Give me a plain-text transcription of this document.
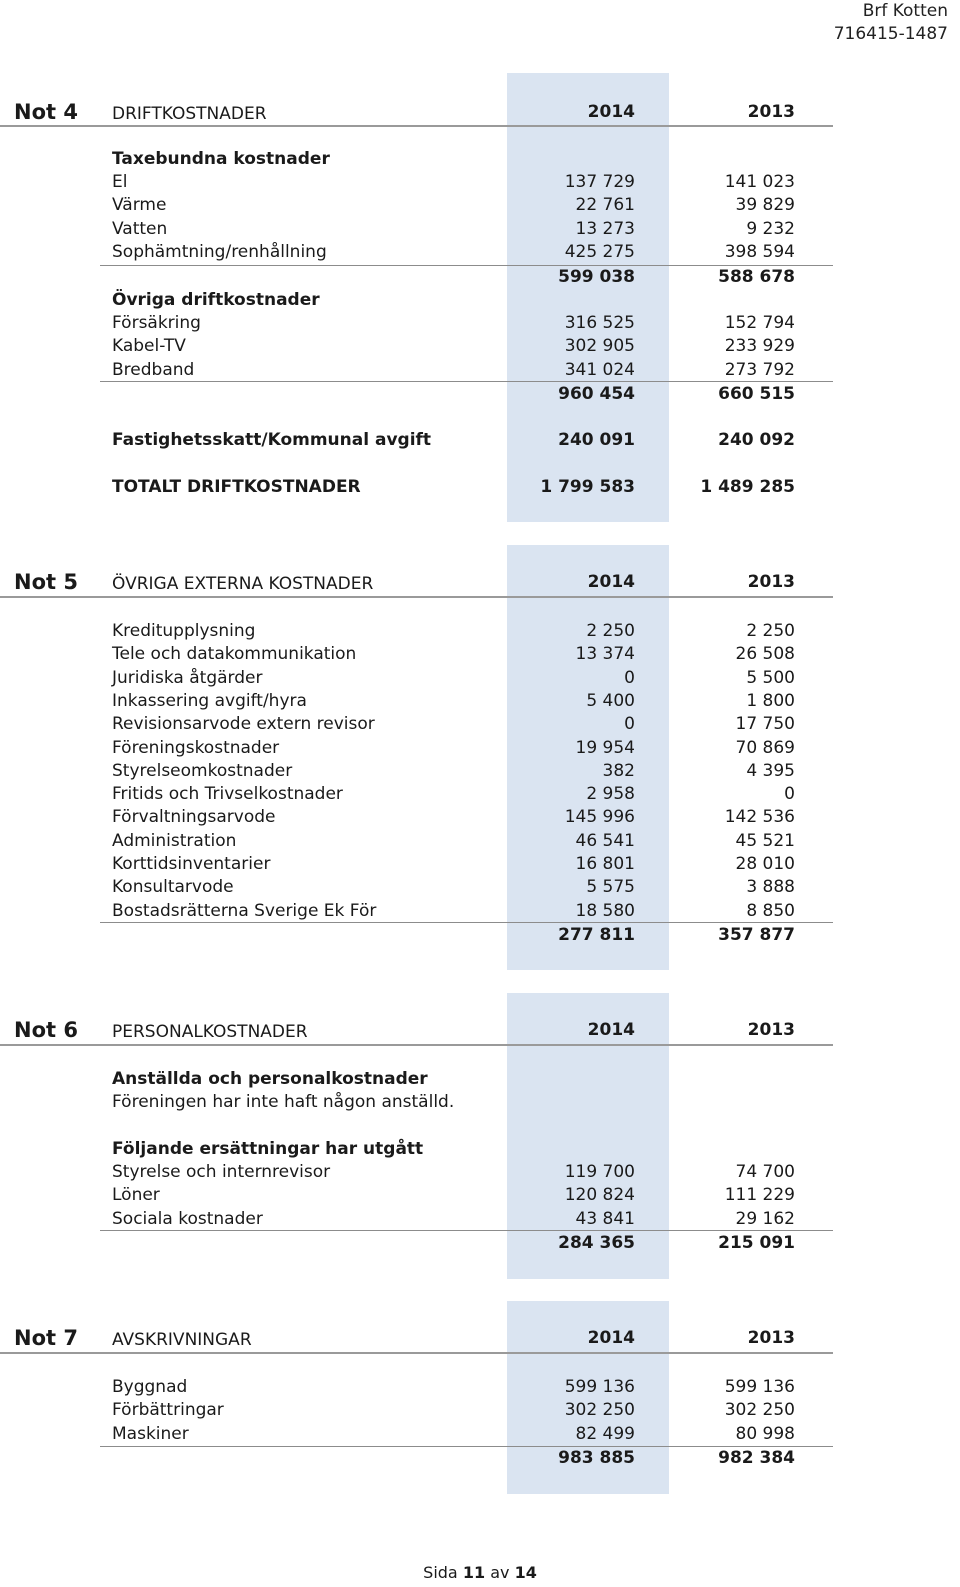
Brf Kotten
716415-1487
Not 4 DRIFTKOSTNADER	2014	2013
Taxebundna kostnader
El	137 729	141 023
Värme	22 761	39 829
Vatten	13 273	9 232
Sophämtning/renhållning	425 275	398 594
599 038	588 678
Övriga driftkostnader
Försäkring	316 525	152 794
Kabel-TV	302 905	233 929
Bredband	341 024	273 792
960 454	660 515
Fastighetsskatt/Kommunal avgift	240 091	240 092
TOTALT DRIFTKOSTNADER	1 799 583	1 489 285
Not 5 ÖVRIGA EXTERNA KOSTNADER	2014	2013
Kreditupplysning	2 250	2 250
Tele och datakommunikation	13 374	26 508
Juridiska åtgärder	0	5 500
Inkassering avgift/hyra	5 400	1 800
Revisionsarvode extern revisor	0	17 750
Föreningskostnader	19 954	70 869
Styrelseomkostnader	382	4 395
Fritids och Trivselkostnader	2 958	0
Förvaltningsarvode	145 996	142 536
Administration	46 541	45 521
Korttidsinventarier	16 801	28 010
Konsultarvode	5 575	3 888
Bostadsrätterna Sverige Ek För	18 580	8 850
277 811	357 877
Not 6 PERSONALKOSTNADER	2014	2013
Anställda och personalkostnader
Föreningen har inte haft någon anställd.
Följande ersättningar har utgått
Styrelse och internrevisor	119 700	74 700
Löner	120 824	111 229
Sociala kostnader	43 841	29 162
284 365	215 091
Not 7 AVSKRIVNINGAR	2014	2013
Byggnad	599 136	599 136
Förbättringar	302 250	302 250
Maskiner	82 499	80 998
983 885	982 384
Sida 11 av 14
